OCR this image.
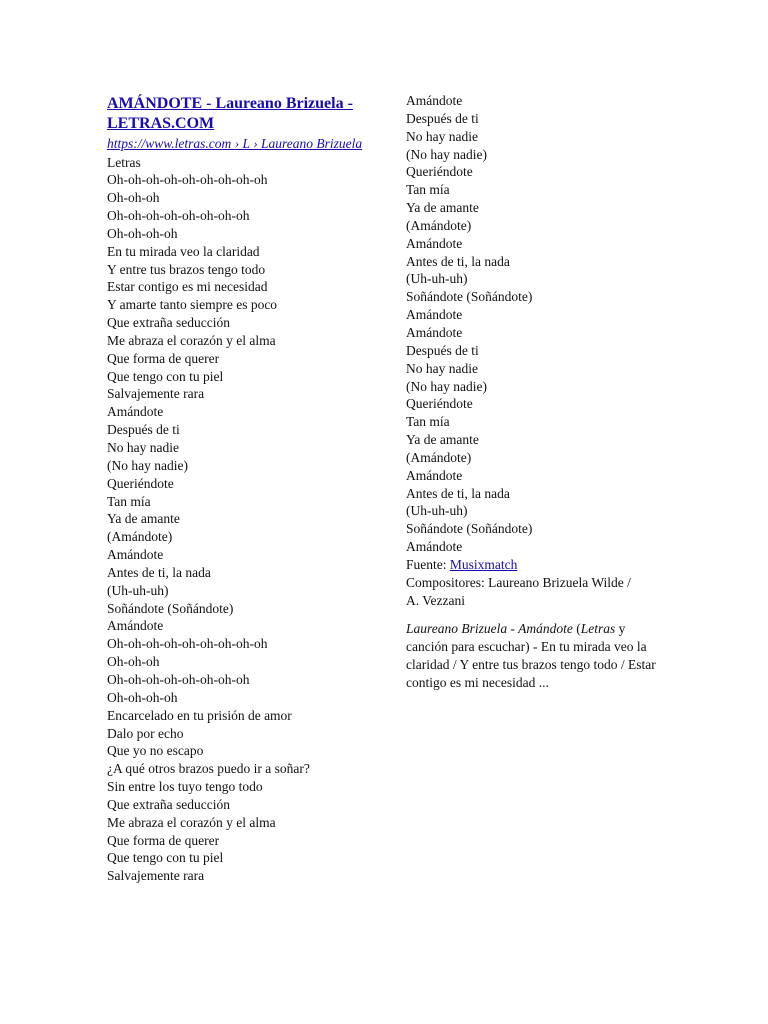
AMÁNDOTE - Laureano Brizuela - LETRAS.COM
https://www.letras.com › L › Laureano Brizuela
Letras
Oh-oh-oh-oh-oh-oh-oh-oh-oh
Oh-oh-oh
Oh-oh-oh-oh-oh-oh-oh-oh
Oh-oh-oh-oh
En tu mirada veo la claridad
Y entre tus brazos tengo todo
Estar contigo es mi necesidad
Y amarte tanto siempre es poco
Que extraña seducción
Me abraza el corazón y el alma
Que forma de querer
Que tengo con tu piel
Salvajemente rara
Amándote
Después de ti
No hay nadie
(No hay nadie)
Queriéndote
Tan mía
Ya de amante
(Amándote)
Amándote
Antes de ti, la nada
(Uh-uh-uh)
Soñándote (Soñándote)
Amándote
Oh-oh-oh-oh-oh-oh-oh-oh-oh
Oh-oh-oh
Oh-oh-oh-oh-oh-oh-oh-oh
Oh-oh-oh-oh
Encarcelado en tu prisión de amor
Dalo por echo
Que yo no escapo
¿A qué otros brazos puedo ir a soñar?
Sin entre los tuyo tengo todo
Que extraña seducción
Me abraza el corazón y el alma
Que forma de querer
Que tengo con tu piel
Salvajemente rara
Amándote
Después de ti
No hay nadie
(No hay nadie)
Queriéndote
Tan mía
Ya de amante
(Amándote)
Amándote
Antes de ti, la nada
(Uh-uh-uh)
Soñándote (Soñándote)
Amándote
Amándote
Después de ti
No hay nadie
(No hay nadie)
Queriéndote
Tan mía
Ya de amante
(Amándote)
Amándote
Antes de ti, la nada
(Uh-uh-uh)
Soñándote (Soñándote)
Amándote
Fuente: Musixmatch
Compositores: Laureano Brizuela Wilde /
A. Vezzani
Laureano Brizuela - Amándote (Letras y canción para escuchar) - En tu mirada veo la claridad / Y entre tus brazos tengo todo / Estar contigo es mi necesidad ...
